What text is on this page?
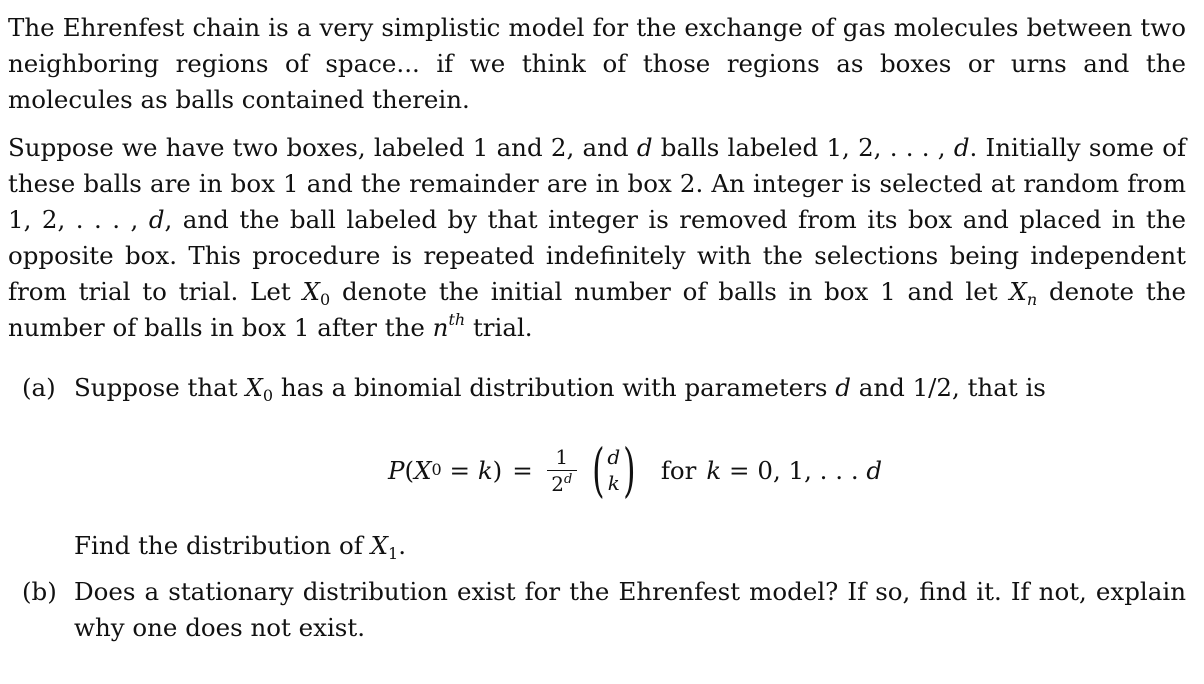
The Ehrenfest chain is a very simplistic model for the exchange of gas molecules between two neighboring regions of space... if we think of those regions as boxes or urns and the molecules as balls contained therein.

Suppose we have two boxes, labeled 1 and 2, and d balls labeled 1, 2, . . . , d. Initially some of these balls are in box 1 and the remainder are in box 2. An integer is selected at random from 1, 2, . . . , d, and the ball labeled by that integer is removed from its box and placed in the opposite box. This procedure is repeated indefinitely with the selections being independent from trial to trial. Let $X_0$ denote the initial number of balls in box 1 and let $X_n$ denote the number of balls in box 1 after the $n^{th}$ trial.

(a) Suppose that $X_0$ has a binomial distribution with parameters d and 1/2, that is
P ( X 0 = k ) = $\frac{1}{2^d}$ ( d
k ) for k = 0, 1, . . . d
Find the distribution of $X_1$.
(b) Does a stationary distribution exist for the Ehrenfest model? If so, find it. If not, explain why one does not exist.
